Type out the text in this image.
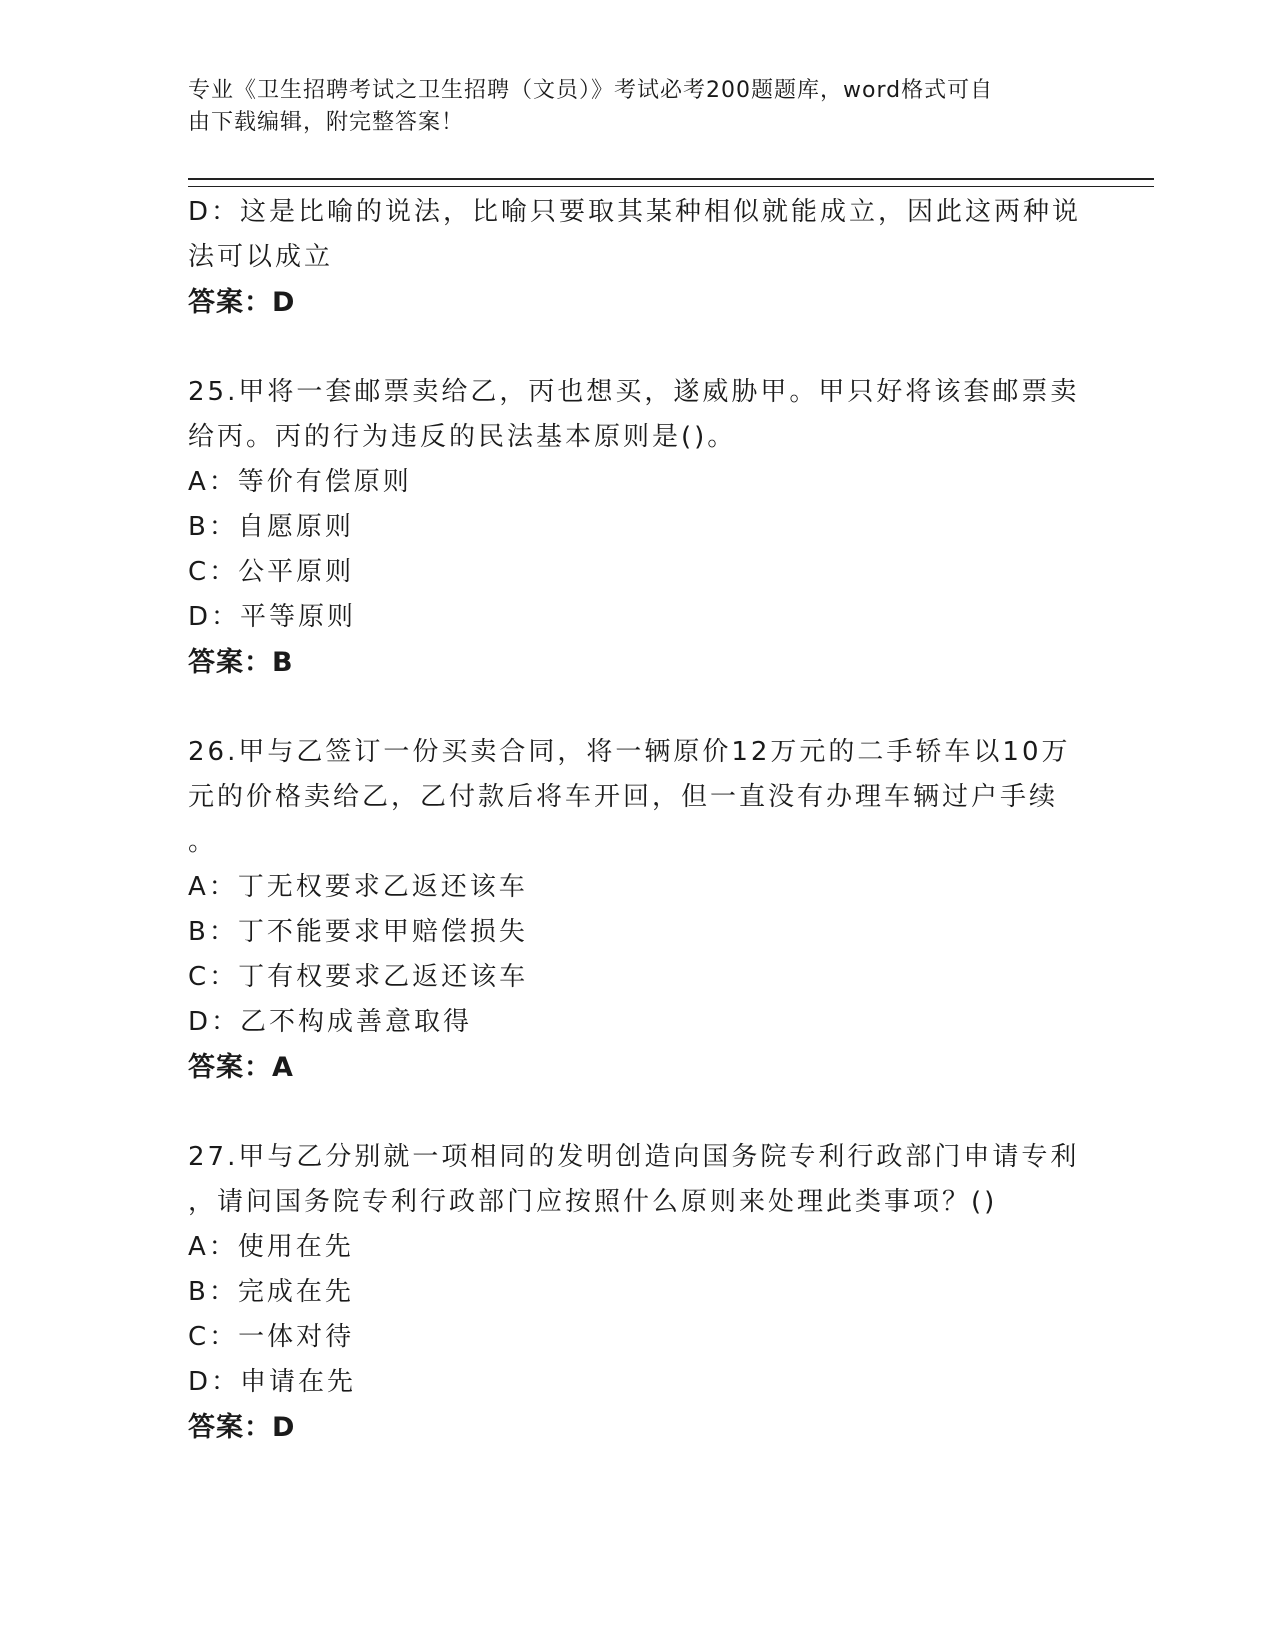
专业《卫生招聘考试之卫生招聘（文员）》考试必考200题题库，word格式可自
由下载编辑，附完整答案！
D：这是比喻的说法，比喻只要取其某种相似就能成立，因此这两种说
法可以成立
答案：D
25.甲将一套邮票卖给乙，丙也想买，遂威胁甲。甲只好将该套邮票卖
给丙。丙的行为违反的民法基本原则是()。
A：等价有偿原则
B：自愿原则
C：公平原则
D：平等原则
答案：B
26.甲与乙签订一份买卖合同，将一辆原价12万元的二手轿车以10万
元的价格卖给乙，乙付款后将车开回，但一直没有办理车辆过户手续
。
A：丁无权要求乙返还该车
B：丁不能要求甲赔偿损失
C：丁有权要求乙返还该车
D：乙不构成善意取得
答案：A
27.甲与乙分别就一项相同的发明创造向国务院专利行政部门申请专利
，请问国务院专利行政部门应按照什么原则来处理此类事项？()
A：使用在先
B：完成在先
C：一体对待
D：申请在先
答案：D
